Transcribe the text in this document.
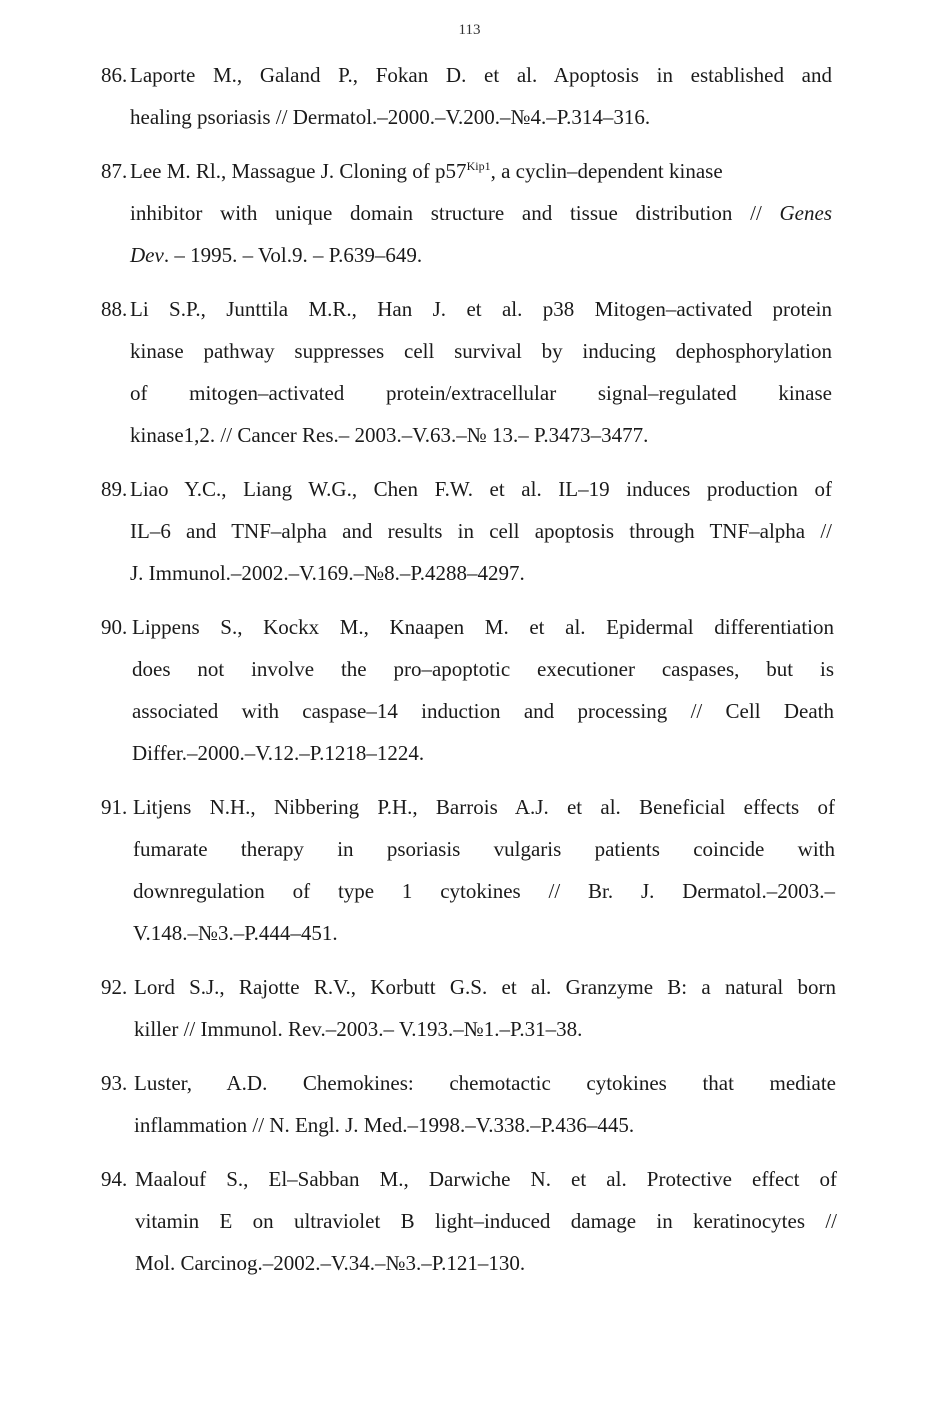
113
86. Laporte M., Galand P., Fokan D. et al. Apoptosis in established and
healing psoriasis // Dermatol.–2000.–V.200.–№4.–P.314–316.
87. Lee M. Rl., Massague J. Cloning of $p57^{Kip1}$, a cyclin–dependent kinase
inhibitor with unique domain structure and tissue distribution // Genes
Dev. – 1995. – Vol.9. – P.639–649.
88. Li S.P., Junttila M.R., Han J. et al. p38 Mitogen–activated protein
kinase pathway suppresses cell survival by inducing dephosphorylation
of mitogen–activated protein/extracellular signal–regulated kinase
kinase1,2. // Cancer Res.– 2003.–V.63.–№ 13.– P.3473–3477.
89. Liao Y.C., Liang W.G., Chen F.W. et al. IL–19 induces production of
IL–6 and TNF–alpha and results in cell apoptosis through TNF–alpha //
J. Immunol.–2002.–V.169.–№8.–P.4288–4297.
90. Lippens S., Kockx M., Knaapen M. et al. Epidermal differentiation
does not involve the pro–apoptotic executioner caspases, but is
associated with caspase–14 induction and processing // Cell Death
Differ.–2000.–V.12.–P.1218–1224.
91. Litjens N.H., Nibbering P.H., Barrois A.J. et al. Beneficial effects of
fumarate therapy in psoriasis vulgaris patients coincide with
downregulation of type 1 cytokines // Br. J. Dermatol.–2003.–
V.148.–№3.–P.444–451.
92. Lord S.J., Rajotte R.V., Korbutt G.S. et al. Granzyme B: a natural born
killer // Immunol. Rev.–2003.– V.193.–№1.–P.31–38.
93. Luster, A.D. Chemokines: chemotactic cytokines that mediate
inflammation // N. Engl. J. Med.–1998.–V.338.–P.436–445.
94. Maalouf S., El–Sabban M., Darwiche N. et al. Protective effect of
vitamin E on ultraviolet B light–induced damage in keratinocytes //
Mol. Carcinog.–2002.–V.34.–№3.–P.121–130.
